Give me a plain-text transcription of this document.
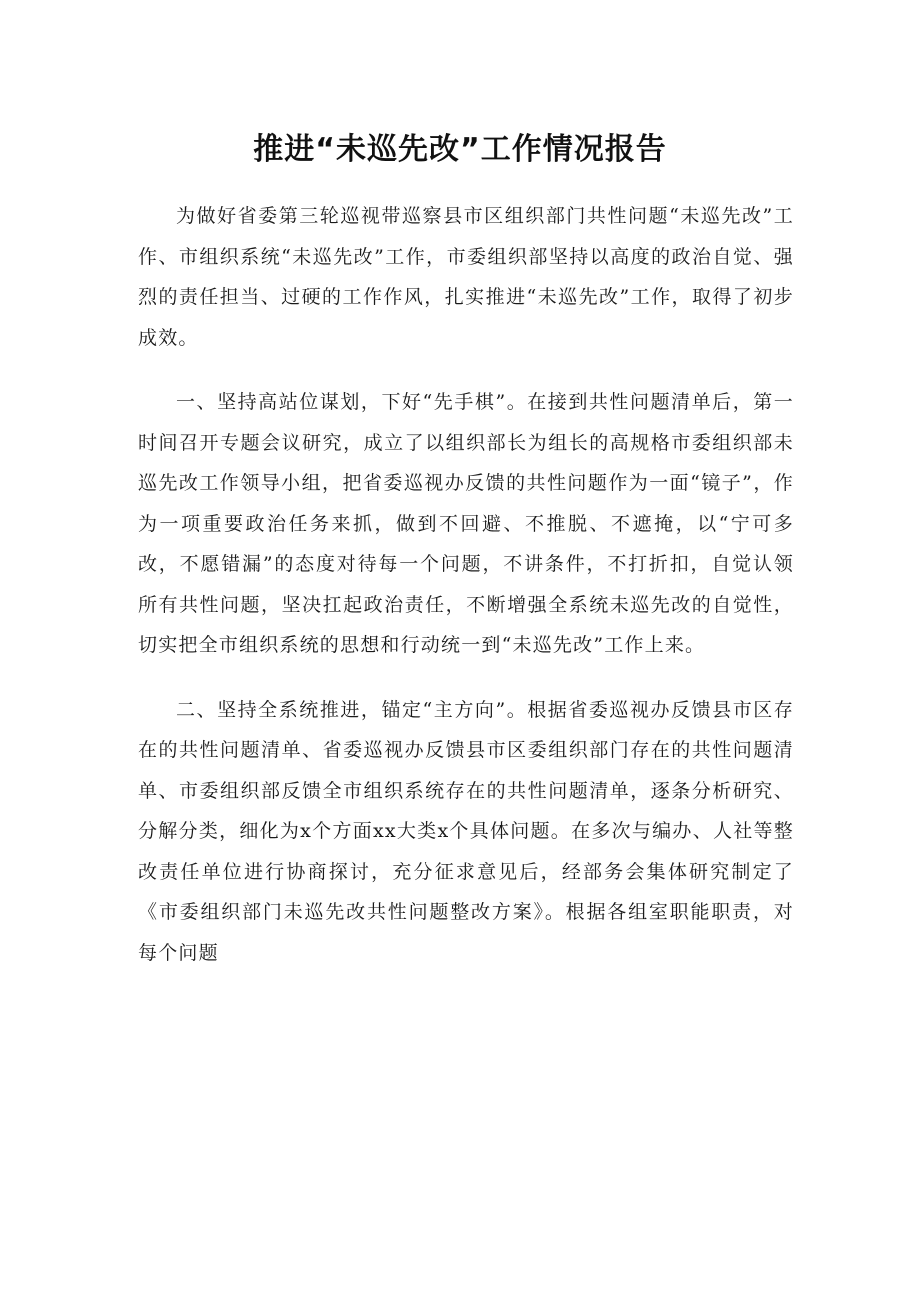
推进“未巡先改”工作情况报告

为做好省委第三轮巡视带巡察县市区组织部门共性问题“未巡先改”工作、市组织系统“未巡先改”工作，市委组织部坚持以高度的政治自觉、强烈的责任担当、过硬的工作作风，扎实推进“未巡先改”工作，取得了初步成效。

一、坚持高站位谋划，下好“先手棋”。在接到共性问题清单后，第一时间召开专题会议研究，成立了以组织部长为组长的高规格市委组织部未巡先改工作领导小组，把省委巡视办反馈的共性问题作为一面“镜子”，作为一项重要政治任务来抓，做到不回避、不推脱、不遮掩，以“宁可多改，不愿错漏”的态度对待每一个问题，不讲条件，不打折扣，自觉认领所有共性问题，坚决扛起政治责任，不断增强全系统未巡先改的自觉性，切实把全市组织系统的思想和行动统一到“未巡先改”工作上来。

二、坚持全系统推进，锚定“主方向”。根据省委巡视办反馈县市区存在的共性问题清单、省委巡视办反馈县市区委组织部门存在的共性问题清单、市委组织部反馈全市组织系统存在的共性问题清单，逐条分析研究、分解分类，细化为x个方面xx大类x个具体问题。在多次与编办、人社等整改责任单位进行协商探讨，充分征求意见后，经部务会集体研究制定了《市委组织部门未巡先改共性问题整改方案》。根据各组室职能职责，对每个问题
